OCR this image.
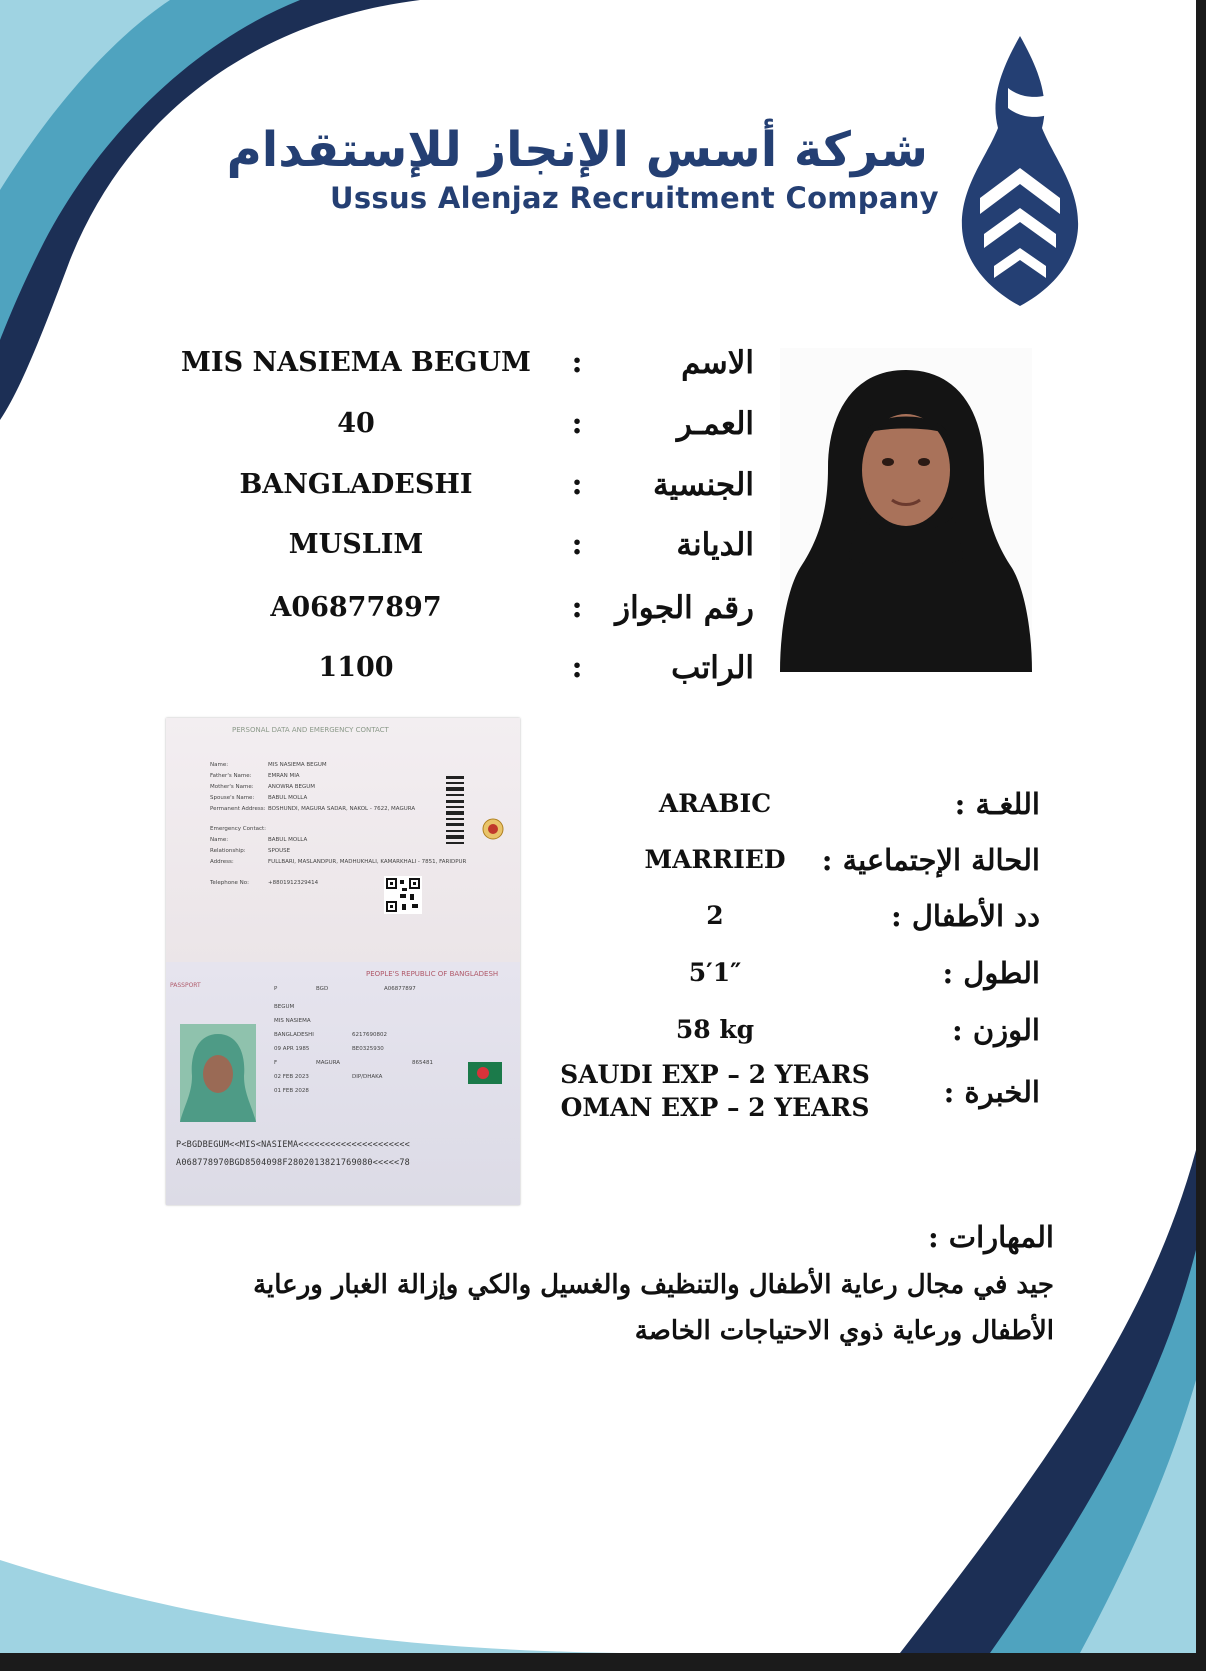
شركة أسس الإنجاز للإستقدام
Ussus Alenjaz Recruitment Company
MIS NASIEMA BEGUM :	الاسم
40	:	العمـر
BANGLADESHI	:	الجنسية
MUSLIM	:	الديانة
A06877897	:	رقم الجواز
1100	:	الراتب
PERSONAL DATA AND EMERGENCY CONTACT
Name:	MIS NASIEMA BEGUM
Father's Name:	EMRAN MIA
Mother's Name:	ANOWRA BEGUM
Spouse's Name: BABUL MOLLA
Permanent Address: BOSHUNDI, MAGURA SADAR, NAKOL - 7622, MAGURA
Emergency Contact:
Name:	BABUL MOLLA
Relationship:	SPOUSE
Address:	FULLBARI, MASLANDPUR, MADHUKHALI, KAMARKHALI - 7851, FARIDPUR
Telephone No:	+8801912329414
PASSPORT
PEOPLE'S REPUBLIC OF BANGLADESH
P	BGD	A06877897
BEGUM
MIS NASIEMA
BANGLADESHI	6217690802
09 APR 1985	BE0325930
F	MAGURA	865481
02 FEB 2023	DIP/DHAKA
01 FEB 2028
P<BGDBEGUM<<MIS<NASIEMA<<<<<<<<<<<<<<<<<<<<<
A068778970BGD8504098F2802013821769080<<<<<78
ARABIC	اللغـة :
MARRIED	الحالة الإجتماعية :
2	دد الأطفال :
5′1″	الطول :
58 kg	الوزن :
الخبرة :
SAUDI EXP – 2 YEARS
OMAN EXP – 2 YEARS
المهارات :
جيد في مجال رعاية الأطفال والتنظيف والغسيل والكي وإزالة الغبار ورعاية الأطفال ورعاية ذوي الاحتياجات الخاصة
